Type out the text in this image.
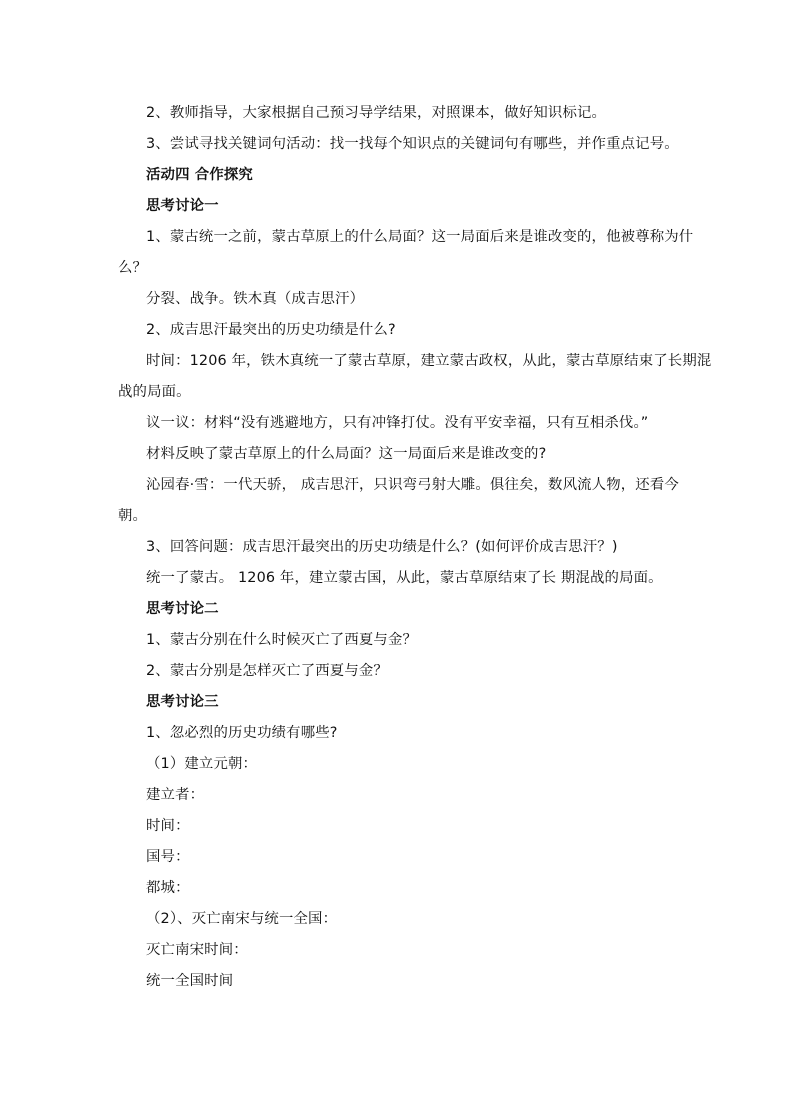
2、教师指导，大家根据自己预习导学结果，对照课本，做好知识标记。
3、尝试寻找关键词句活动：找一找每个知识点的关键词句有哪些，并作重点记号。
活动四 合作探究
思考讨论一
1、蒙古统一之前，蒙古草原上的什么局面？这一局面后来是谁改变的，他被尊称为什
么？
分裂、战争。铁木真（成吉思汗）
2、成吉思汗最突出的历史功绩是什么?
时间：1206 年，铁木真统一了蒙古草原，建立蒙古政权，从此，蒙古草原结束了长期混
战的局面。
议一议：材料“没有逃避地方，只有冲锋打仗。没有平安幸福，只有互相杀伐。”
材料反映了蒙古草原上的什么局面？这一局面后来是谁改变的?
沁园春·雪：一代天骄， 成吉思汗，只识弯弓射大雕。俱往矣，数风流人物，还看今
朝。
3、回答问题：成吉思汗最突出的历史功绩是什么？(如何评价成吉思汗？)
统一了蒙古。 1206 年，建立蒙古国，从此，蒙古草原结束了长 期混战的局面。
思考讨论二
1、蒙古分别在什么时候灭亡了西夏与金？
2、蒙古分别是怎样灭亡了西夏与金？
思考讨论三
1、忽必烈的历史功绩有哪些?
（1）建立元朝：
建立者：
时间：
国号：
都城：
（2）、灭亡南宋与统一全国：
灭亡南宋时间：
统一全国时间
